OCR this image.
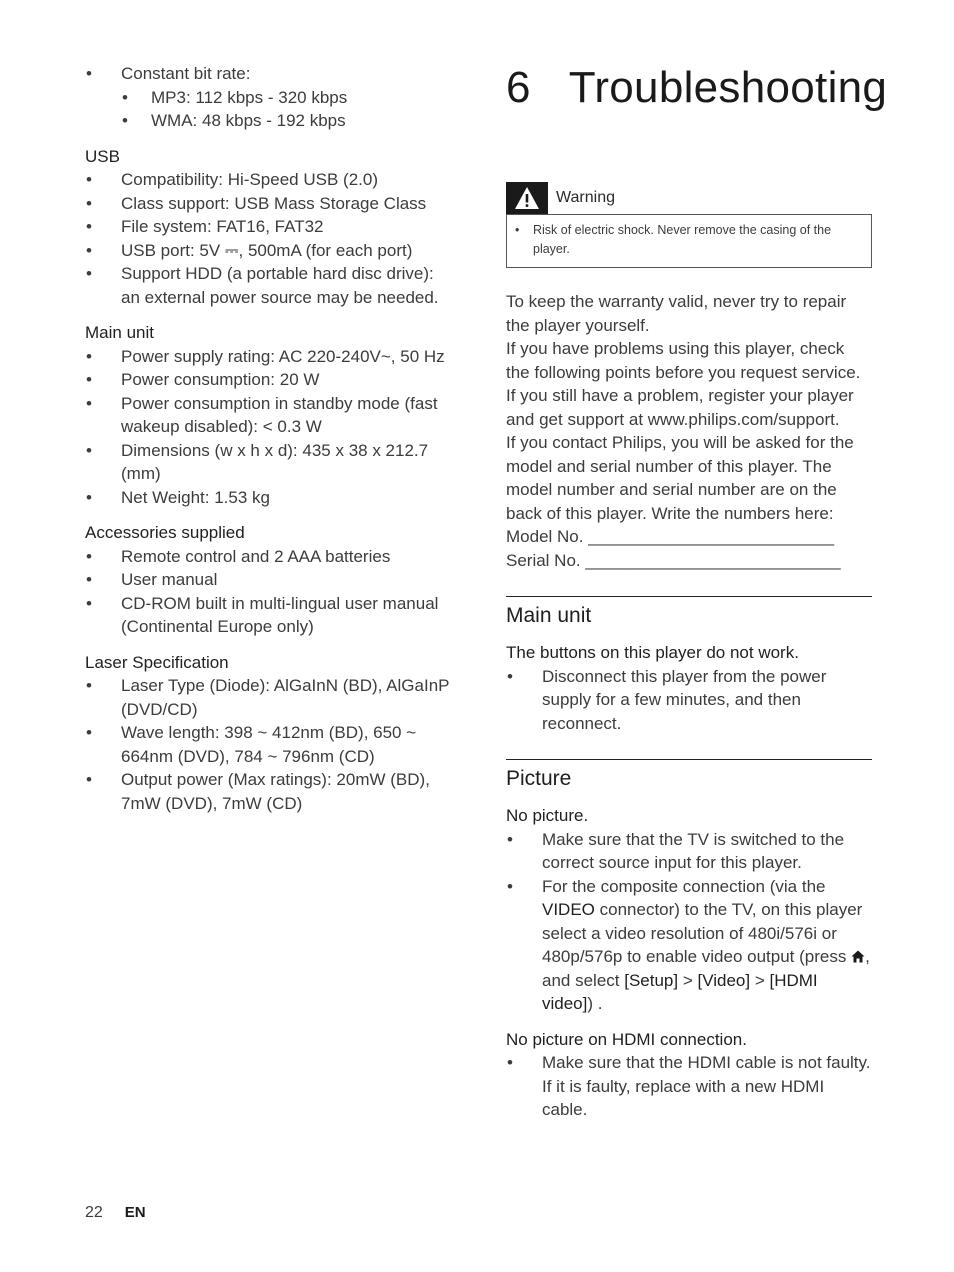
• Constant bit rate:
• MP3: 112 kbps - 320 kbps
• WMA: 48 kbps - 192 kbps
USB
• Compatibility: Hi-Speed USB (2.0)
• Class support: USB Mass Storage Class
• File system: FAT16, FAT32
• USB port: 5V ⎓, 500mA (for each port)
• Support HDD (a portable hard disc drive): an external power source may be needed.
Main unit
• Power supply rating: AC 220-240V~, 50 Hz
• Power consumption: 20 W
• Power consumption in standby mode (fast wakeup disabled): < 0.3 W
• Dimensions (w x h x d): 435 x 38 x 212.7 (mm)
• Net Weight: 1.53 kg
Accessories supplied
• Remote control and 2 AAA batteries
• User manual
• CD-ROM built in multi-lingual user manual (Continental Europe only)
Laser Specification
• Laser Type (Diode): AlGaInN (BD), AlGaInP (DVD/CD)
• Wave length: 398 ~ 412nm (BD), 650 ~ 664nm (DVD), 784 ~ 796nm (CD)
• Output power (Max ratings): 20mW (BD), 7mW (DVD), 7mW (CD)
6 Troubleshooting
Warning
• Risk of electric shock. Never remove the casing of the player.
To keep the warranty valid, never try to repair the player yourself.
If you have problems using this player, check the following points before you request service. If you still have a problem, register your player and get support at www.philips.com/support.
If you contact Philips, you will be asked for the model and serial number of this player. The model number and serial number are on the back of this player. Write the numbers here:
Model No. __________________________
Serial No. ___________________________
Main unit
The buttons on this player do not work.
• Disconnect this player from the power supply for a few minutes, and then reconnect.
Picture
No picture.
• Make sure that the TV is switched to the correct source input for this player.
• For the composite connection (via the VIDEO connector) to the TV, on this player select a video resolution of 480i/576i or 480p/576p to enable video output (press , and select [Setup] > [Video] > [HDMI video]) .
No picture on HDMI connection.
• Make sure that the HDMI cable is not faulty. If it is faulty, replace with a new HDMI cable.
22 EN
